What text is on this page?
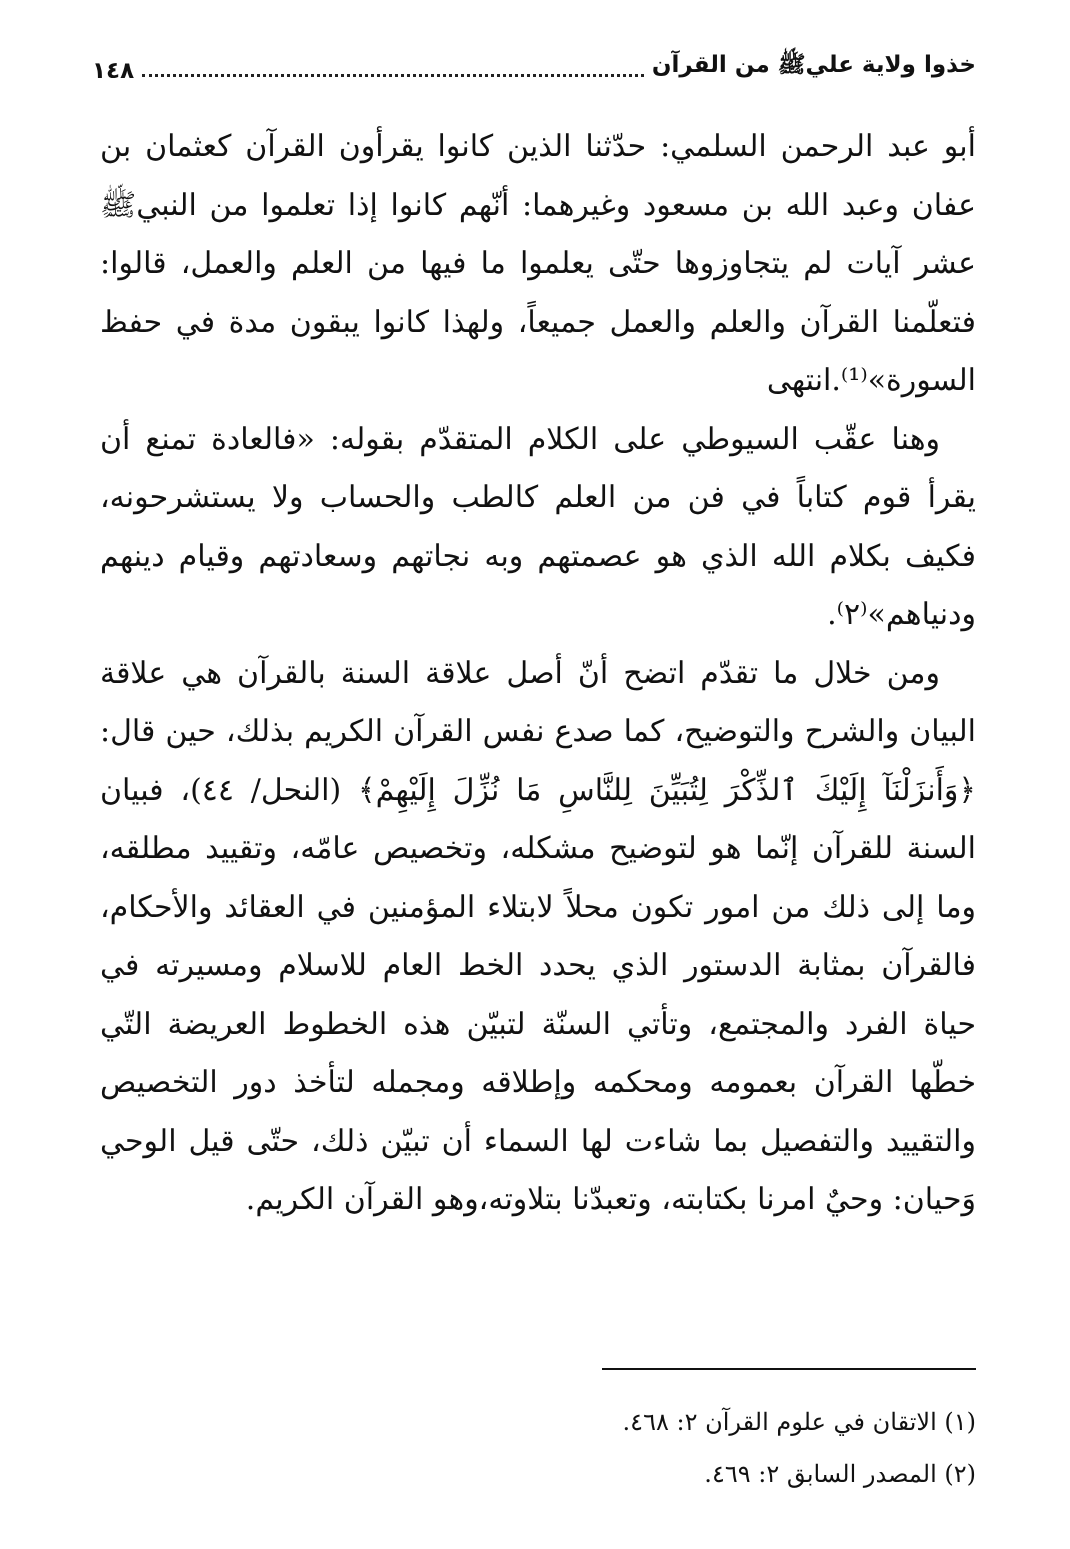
خذوا ولاية عليﷺ من القرآن
١٤٨

أبو عبد الرحمن السلمي: حدّثنا الذين كانوا يقرأون القرآن كعثمان بن عفان وعبد الله بن مسعود وغيرهما: أنّهم كانوا إذا تعلموا من النبيﷺ عشر آيات لم يتجاوزوها حتّى يعلموا ما فيها من العلم والعمل، قالوا: فتعلّمنا القرآن والعلم والعمل جميعاً، ولهذا كانوا يبقون مدة في حفظ السورة»⁽¹⁾.انتهى

وهنا عقّب السيوطي على الكلام المتقدّم بقوله: «فالعادة تمنع أن يقرأ قوم كتاباً في فن من العلم كالطب والحساب ولا يستشرحونه، فكيف بكلام الله الذي هو عصمتهم وبه نجاتهم وسعادتهم وقيام دينهم ودنياهم»⁽٢⁾.

ومن خلال ما تقدّم اتضح أنّ أصل علاقة السنة بالقرآن هي علاقة البيان والشرح والتوضيح، كما صدع نفس القرآن الكريم بذلك، حين قال: ﴿وَأَنزَلْنَآ إِلَيْكَ ٱلذِّكْرَ لِتُبَيِّنَ لِلنَّاسِ مَا نُزِّلَ إِلَيْهِمْ﴾ (النحل/ ٤٤)، فبيان السنة للقرآن إنّما هو لتوضيح مشكله، وتخصيص عامّه، وتقييد مطلقه، وما إلى ذلك من امور تكون محلاً لابتلاء المؤمنين في العقائد والأحكام، فالقرآن بمثابة الدستور الذي يحدد الخط العام للاسلام ومسيرته في حياة الفرد والمجتمع، وتأتي السنّة لتبيّن هذه الخطوط العريضة التّي خطّها القرآن بعمومه ومحكمه وإطلاقه ومجمله لتأخذ دور التخصيص والتقييد والتفصيل بما شاءت لها السماء أن تبيّن ذلك، حتّى قيل الوحي وَحيان: وحيٌ امرنا بكتابته، وتعبدّنا بتلاوته،وهو القرآن الكريم.

(١) الاتقان في علوم القرآن ٢: ٤٦٨.
(٢) المصدر السابق ٢: ٤٦٩.
